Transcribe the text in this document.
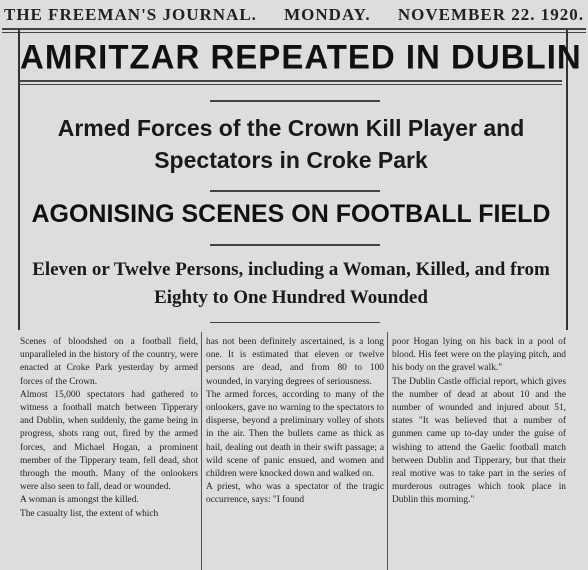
THE FREEMAN'S JOURNAL. MONDAY. NOVEMBER 22. 1920.
AMRITZAR REPEATED IN DUBLIN
Armed Forces of the Crown Kill Player and Spectators in Croke Park
AGONISING SCENES ON FOOTBALL FIELD
Eleven or Twelve Persons, including a Woman, Killed, and from Eighty to One Hundred Wounded

Scenes of bloodshed on a football field, unparalleled in the history of the country, were enacted at Croke Park yesterday by armed forces of the Crown.

Almost 15,000 spectators had gathered to witness a football match between Tipperary and Dublin, when suddenly, the game being in progress, shots rang out, fired by the armed forces, and Michael Hogan, a prominent member of the Tipperary team, fell dead, shot through the mouth. Many of the onlookers were also seen to fall, dead or wounded.

A woman is amongst the killed.

The casualty list, the extent of which

has not been definitely ascertained, is a long one. It is estimated that eleven or twelve persons are dead, and from 80 to 100 wounded, in varying degrees of seriousness.

The armed forces, according to many of the onlookers, gave no warning to the spectators to disperse, beyond a preliminary volley of shots in the air. Then the bullets came as thick as hail, dealing out death in their swift passage; a wild scene of panic ensued, and women and children were knocked down and walked on.

A priest, who was a spectator of the tragic occurrence, says: "I found

poor Hogan lying on his back in a pool of blood. His feet were on the playing pitch, and his body on the gravel walk."

The Dublin Castle official report, which gives the number of dead at about 10 and the number of wounded and injured about 51, states "It was believed that a number of gunmen came up to-day under the guise of wishing to attend the Gaelic football match between Dublin and Tipperary, but that their real motive was to take part in the series of murderous outrages which took place in Dublin this morning."
